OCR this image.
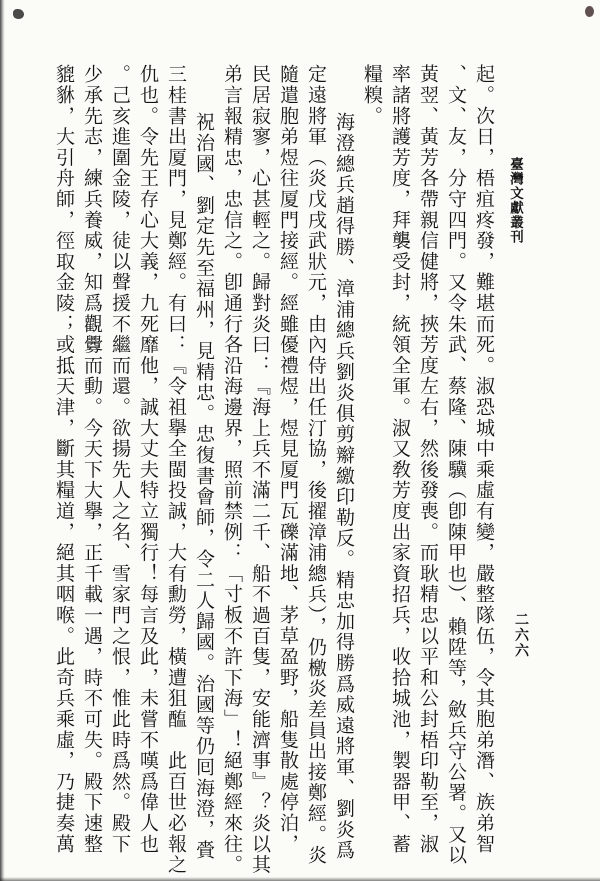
臺灣文獻叢刊
二六六
起。次日，梧疽疼發，難堪而死。淑恐城中乘虛有變，嚴整隊伍，令其胞弟潛、族弟智
、文、友，分守四門。又令朱武、蔡隆、陳驥（卽陳甲也）、賴陞等，斂兵守公署。又以
黃翌、黃芳各帶親信健將，挾芳度左右，然後發喪。而耿精忠以平和公封梧印勒至，淑
率諸將護芳度，拜襲受封，統領全軍。淑又敎芳度出家資招兵，收拾城池，製器甲、蓄
糧糗。
海澄總兵趙得勝、漳浦總兵劉炎俱剪辮繳印勒反。精忠加得勝爲威遠將軍、劉炎爲
定遠將軍（炎戊戌武狀元，由內侍出任汀協，後擢漳浦總兵），仍檄炎差員出接鄭經。炎
隨遣胞弟煜往厦門接經。經雖優禮煜，煜見厦門瓦礫滿地、茅草盈野，船隻散處停泊，
民居寂寥，心甚輕之。歸對炎曰：『海上兵不滿二千、船不過百隻，安能濟事』？炎以其
弟言報精忠，忠信之。卽通行各沿海邊界，照前禁例：「寸板不許下海」！絕鄭經來往。
祝治國、劉定先至福州，見精忠。忠復書會師，令二人歸國。治國等仍囘海澄，賫
三桂書出厦門，見鄭經。有曰：『令祖擧全閩投誠，大有勳勞，橫遭狙醢　此百世必報之
仇也。令先王存心大義，九死靡他，誠大丈夫特立獨行！每言及此，未嘗不嘆爲偉人也
。己亥進圍金陵，徒以聲援不繼而還。欲揚先人之名、雪家門之恨，惟此時爲然。殿下
少承先志，練兵養威，知爲觀釁而動。今天下大擧，正千載一遇，時不可失。殿下速整
貔貅，大引舟師，徑取金陵；或抵天津，斷其糧道，絕其咽喉。此奇兵乘虛，乃捷奏萬
